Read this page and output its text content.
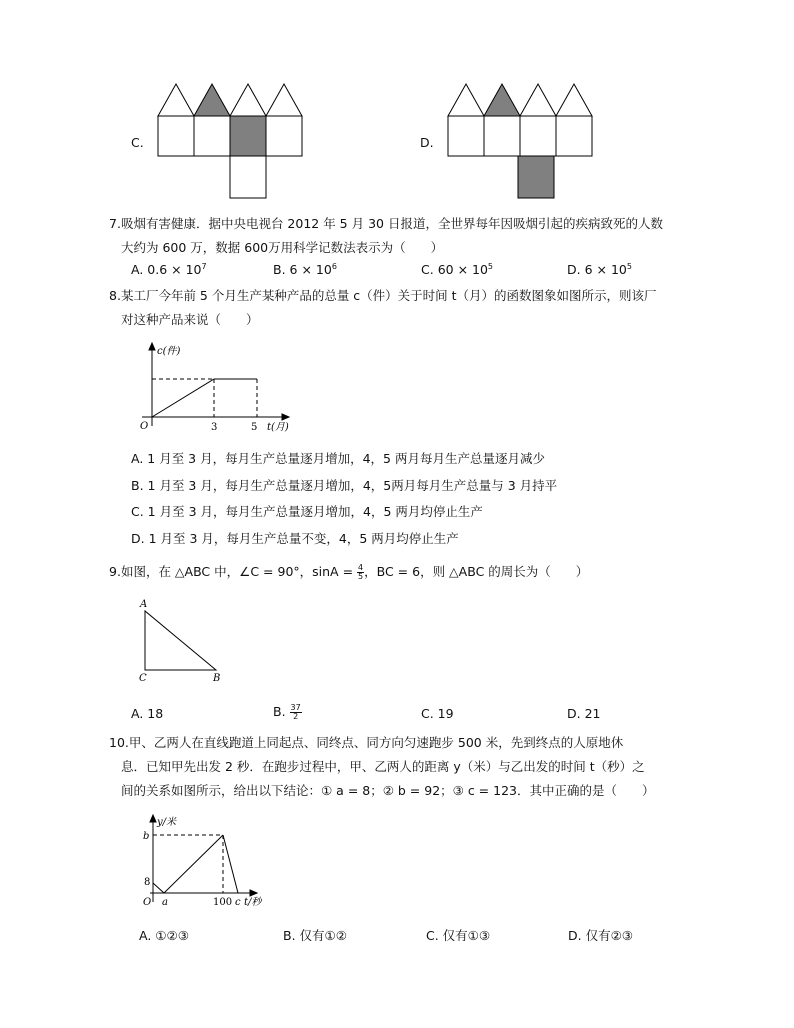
C.	D.
7.吸烟有害健康．据中央电视台 2012 年 5 月 30 日报道，全世界每年因吸烟引起的疾病致死的人数
大约为 600 万，数据 600万用科学记数法表示为（　　）
A. $0.6 \times 10^7$	B. $6 \times 10^6$	C. $60 \times 10^5$	D. $6 \times 10^5$
8.某工厂今年前 5 个月生产某种产品的总量 c（件）关于时间 t（月）的函数图象如图所示，则该厂
对这种产品来说（　　）
c(件)
t(月)
O	3	5
A. 1 月至 3 月，每月生产总量逐月增加，4，5 两月每月生产总量逐月减少
B. 1 月至 3 月，每月生产总量逐月增加，4，5两月每月生产总量与 3 月持平
C. 1 月至 3 月，每月生产总量逐月增加，4，5 两月均停止生产
D. 1 月至 3 月，每月生产总量不变，4，5 两月均停止生产
9.如图，在 △ABC 中，∠C = 90°，$\sin A = \frac{4}{5}$ ，BC = 6，则 △ABC 的周长为（　　）
A
C	B
A. 18	B. $\frac{37}{2}$	C. 19	D. 21
10.甲、乙两人在直线跑道上同起点、同终点、同方向匀速跑步 500 米，先到终点的人原地休
息．已知甲先出发 2 秒．在跑步过程中，甲、乙两人的距离 y（米）与乙出发的时间 t（秒）之
间的关系如图所示，给出以下结论：① a = 8；② b = 92；③ c = 123．其中正确的是（　　）
y/米
b
8
O a	100 c t/秒
A. ①②③	B. 仅有①②	C. 仅有①③	D. 仅有②③
